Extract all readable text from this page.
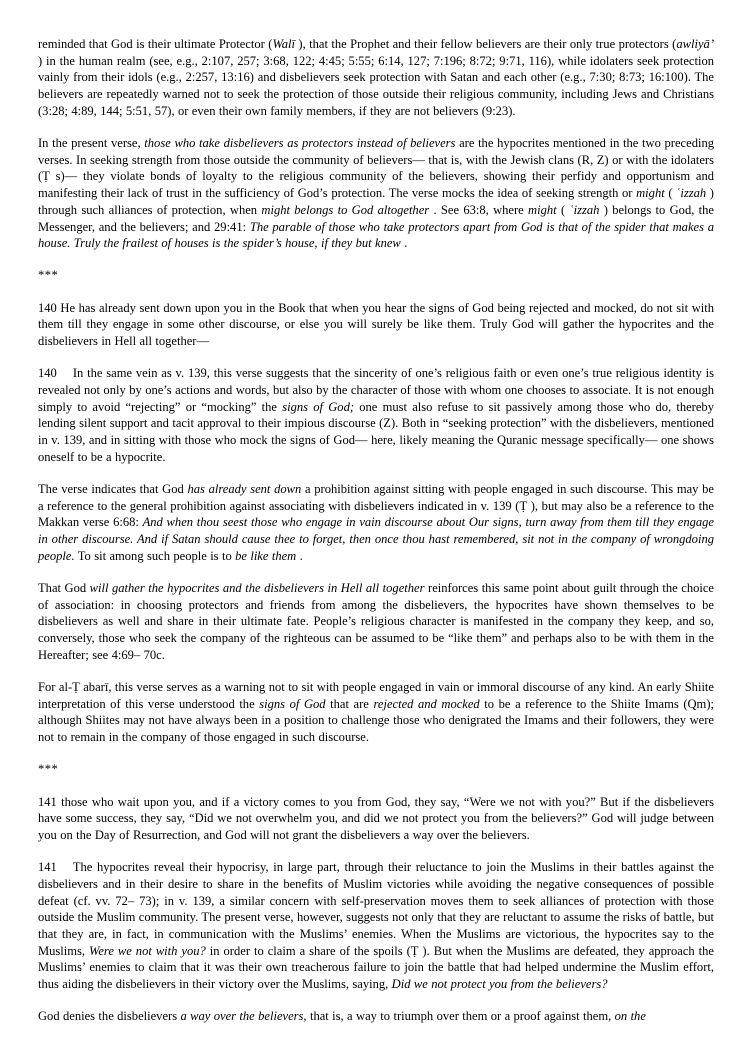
reminded that God is their ultimate Protector (Walī ), that the Prophet and their fellow believers are their only true protectors (awliyā’ ) in the human realm (see, e.g., 2:107, 257; 3:68, 122; 4:45; 5:55; 6:14, 127; 7:196; 8:72; 9:71, 116), while idolaters seek protection vainly from their idols (e.g., 2:257, 13:16) and disbelievers seek protection with Satan and each other (e.g., 7:30; 8:73; 16:100). The believers are repeatedly warned not to seek the protection of those outside their religious community, including Jews and Christians (3:28; 4:89, 144; 5:51, 57), or even their own family members, if they are not believers (9:23).

In the present verse, those who take disbelievers as protectors instead of believers are the hypocrites mentioned in the two preceding verses. In seeking strength from those outside the community of believers— that is, with the Jewish clans (R, Z) or with the idolaters (Ṭ s)— they violate bonds of loyalty to the religious community of the believers, showing their perfidy and opportunism and manifesting their lack of trust in the sufficiency of God’s protection. The verse mocks the idea of seeking strength or might ( ʿizzah ) through such alliances of protection, when might belongs to God altogether . See 63:8, where might ( ʿizzah ) belongs to God, the Messenger, and the believers; and 29:41: The parable of those who take protectors apart from God is that of the spider that makes a house. Truly the frailest of houses is the spider’s house, if they but knew .

***

140 He has already sent down upon you in the Book that when you hear the signs of God being rejected and mocked, do not sit with them till they engage in some other discourse, or else you will surely be like them. Truly God will gather the hypocrites and the disbelievers in Hell all together—

140 In the same vein as v. 139, this verse suggests that the sincerity of one’s religious faith or even one’s true religious identity is revealed not only by one’s actions and words, but also by the character of those with whom one chooses to associate. It is not enough simply to avoid “rejecting” or “mocking” the signs of God; one must also refuse to sit passively among those who do, thereby lending silent support and tacit approval to their impious discourse (Z). Both in “seeking protection” with the disbelievers, mentioned in v. 139, and in sitting with those who mock the signs of God— here, likely meaning the Quranic message specifically— one shows oneself to be a hypocrite.

The verse indicates that God has already sent down a prohibition against sitting with people engaged in such discourse. This may be a reference to the general prohibition against associating with disbelievers indicated in v. 139 (Ṭ ), but may also be a reference to the Makkan verse 6:68: And when thou seest those who engage in vain discourse about Our signs, turn away from them till they engage in other discourse. And if Satan should cause thee to forget, then once thou hast remembered, sit not in the company of wrongdoing people. To sit among such people is to be like them .

That God will gather the hypocrites and the disbelievers in Hell all together reinforces this same point about guilt through the choice of association: in choosing protectors and friends from among the disbelievers, the hypocrites have shown themselves to be disbelievers as well and share in their ultimate fate. People’s religious character is manifested in the company they keep, and so, conversely, those who seek the company of the righteous can be assumed to be “like them” and perhaps also to be with them in the Hereafter; see 4:69– 70c.

For al-Ṭ abarī, this verse serves as a warning not to sit with people engaged in vain or immoral discourse of any kind. An early Shiite interpretation of this verse understood the signs of God that are rejected and mocked to be a reference to the Shiite Imams (Qm); although Shiites may not have always been in a position to challenge those who denigrated the Imams and their followers, they were not to remain in the company of those engaged in such discourse.

***

141 those who wait upon you, and if a victory comes to you from God, they say, “Were we not with you?” But if the disbelievers have some success, they say, “Did we not overwhelm you, and did we not protect you from the believers?” God will judge between you on the Day of Resurrection, and God will not grant the disbelievers a way over the believers.

141 The hypocrites reveal their hypocrisy, in large part, through their reluctance to join the Muslims in their battles against the disbelievers and in their desire to share in the benefits of Muslim victories while avoiding the negative consequences of possible defeat (cf. vv. 72– 73); in v. 139, a similar concern with self-preservation moves them to seek alliances of protection with those outside the Muslim community. The present verse, however, suggests not only that they are reluctant to assume the risks of battle, but that they are, in fact, in communication with the Muslims’ enemies. When the Muslims are victorious, the hypocrites say to the Muslims, Were we not with you? in order to claim a share of the spoils (Ṭ ). But when the Muslims are defeated, they approach the Muslims’ enemies to claim that it was their own treacherous failure to join the battle that had helped undermine the Muslim effort, thus aiding the disbelievers in their victory over the Muslims, saying, Did we not protect you from the believers?

God denies the disbelievers a way over the believers, that is, a way to triumph over them or a proof against them, on the
